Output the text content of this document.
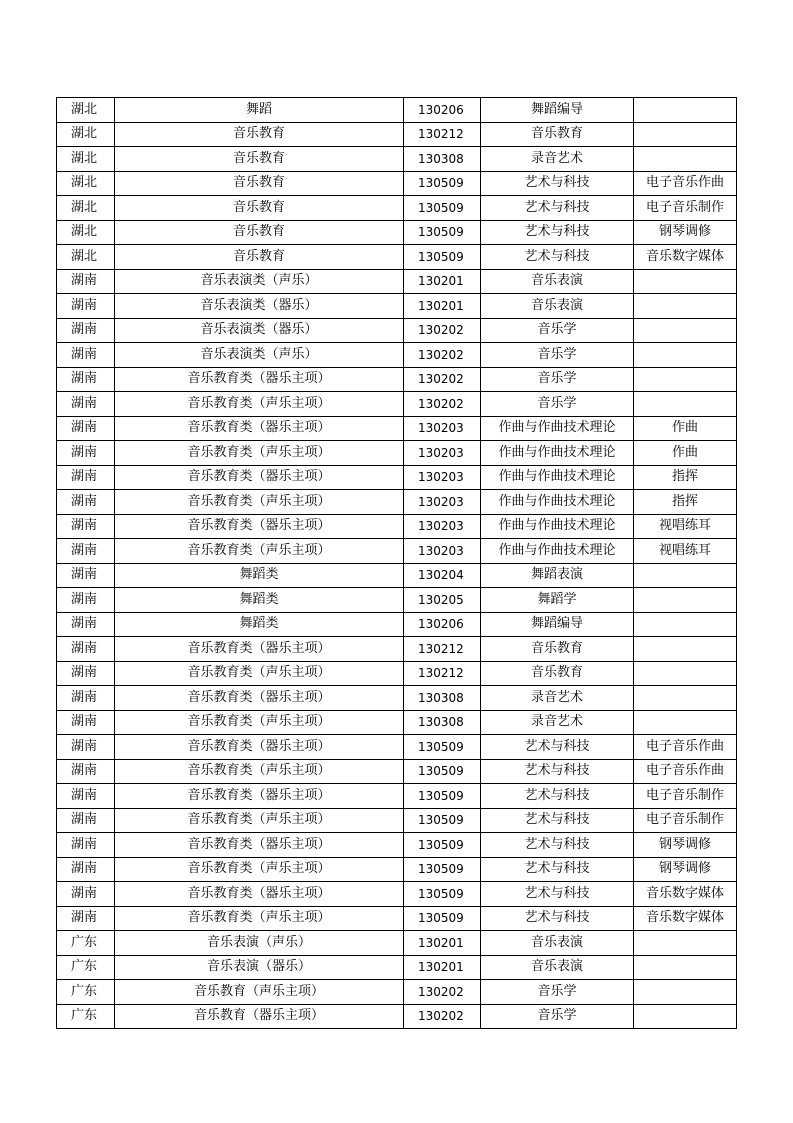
湖北	舞蹈	130206	舞蹈编导	
湖北	音乐教育	130212	音乐教育	
湖北	音乐教育	130308	录音艺术	
湖北	音乐教育	130509	艺术与科技	电子音乐作曲
湖北	音乐教育	130509	艺术与科技	电子音乐制作
湖北	音乐教育	130509	艺术与科技	钢琴调修
湖北	音乐教育	130509	艺术与科技	音乐数字媒体
湖南	音乐表演类（声乐）	130201	音乐表演	
湖南	音乐表演类（器乐）	130201	音乐表演	
湖南	音乐表演类（器乐）	130202	音乐学	
湖南	音乐表演类（声乐）	130202	音乐学	
湖南	音乐教育类（器乐主项）	130202	音乐学	
湖南	音乐教育类（声乐主项）	130202	音乐学	
湖南	音乐教育类（器乐主项）	130203	作曲与作曲技术理论	作曲
湖南	音乐教育类（声乐主项）	130203	作曲与作曲技术理论	作曲
湖南	音乐教育类（器乐主项）	130203	作曲与作曲技术理论	指挥
湖南	音乐教育类（声乐主项）	130203	作曲与作曲技术理论	指挥
湖南	音乐教育类（器乐主项）	130203	作曲与作曲技术理论	视唱练耳
湖南	音乐教育类（声乐主项）	130203	作曲与作曲技术理论	视唱练耳
湖南	舞蹈类	130204	舞蹈表演	
湖南	舞蹈类	130205	舞蹈学	
湖南	舞蹈类	130206	舞蹈编导	
湖南	音乐教育类（器乐主项）	130212	音乐教育	
湖南	音乐教育类（声乐主项）	130212	音乐教育	
湖南	音乐教育类（器乐主项）	130308	录音艺术	
湖南	音乐教育类（声乐主项）	130308	录音艺术	
湖南	音乐教育类（器乐主项）	130509	艺术与科技	电子音乐作曲
湖南	音乐教育类（声乐主项）	130509	艺术与科技	电子音乐作曲
湖南	音乐教育类（器乐主项）	130509	艺术与科技	电子音乐制作
湖南	音乐教育类（声乐主项）	130509	艺术与科技	电子音乐制作
湖南	音乐教育类（器乐主项）	130509	艺术与科技	钢琴调修
湖南	音乐教育类（声乐主项）	130509	艺术与科技	钢琴调修
湖南	音乐教育类（器乐主项）	130509	艺术与科技	音乐数字媒体
湖南	音乐教育类（声乐主项）	130509	艺术与科技	音乐数字媒体
广东	音乐表演（声乐）	130201	音乐表演	
广东	音乐表演（器乐）	130201	音乐表演	
广东	音乐教育（声乐主项）	130202	音乐学	
广东	音乐教育（器乐主项）	130202	音乐学	
